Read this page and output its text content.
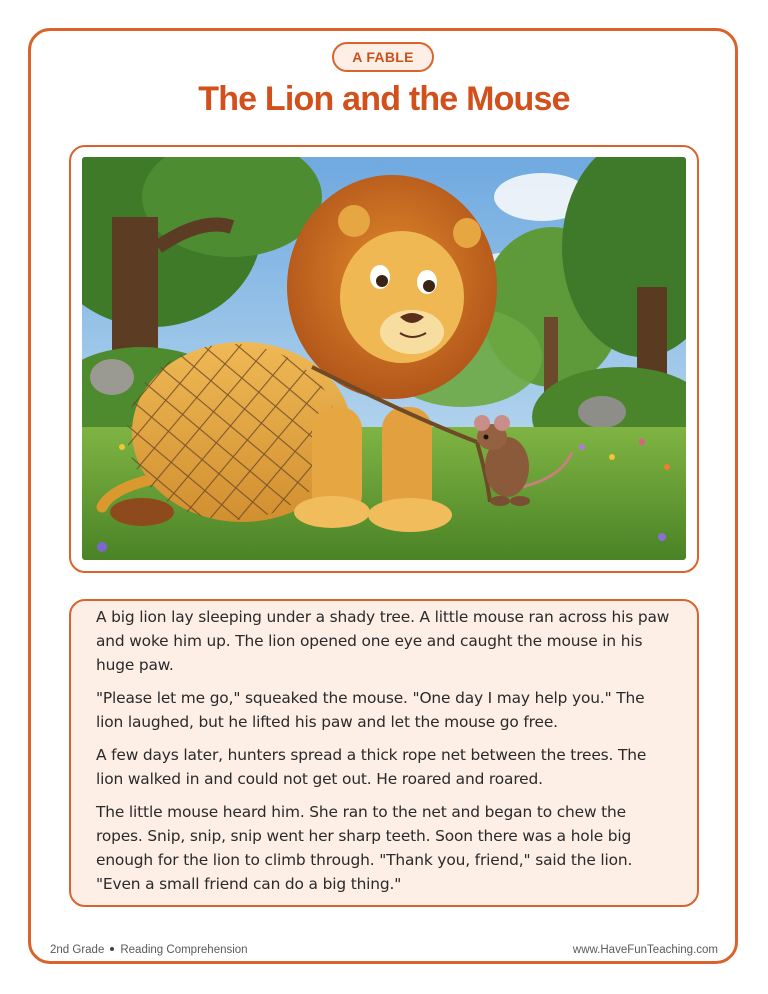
A FABLE
The Lion and the Mouse

A big lion lay sleeping under a shady tree. A little mouse ran across his paw and woke him up. The lion opened one eye and caught the mouse in his huge paw.

"Please let me go," squeaked the mouse. "One day I may help you." The lion laughed, but he lifted his paw and let the mouse go free.

A few days later, hunters spread a thick rope net between the trees. The lion walked in and could not get out. He roared and roared.

The little mouse heard him. She ran to the net and began to chew the ropes. Snip, snip, snip went her sharp teeth. Soon there was a hole big enough for the lion to climb through. "Thank you, friend," said the lion. "Even a small friend can do a big thing."

2nd Grade Reading Comprehension	www.HaveFunTeaching.com
